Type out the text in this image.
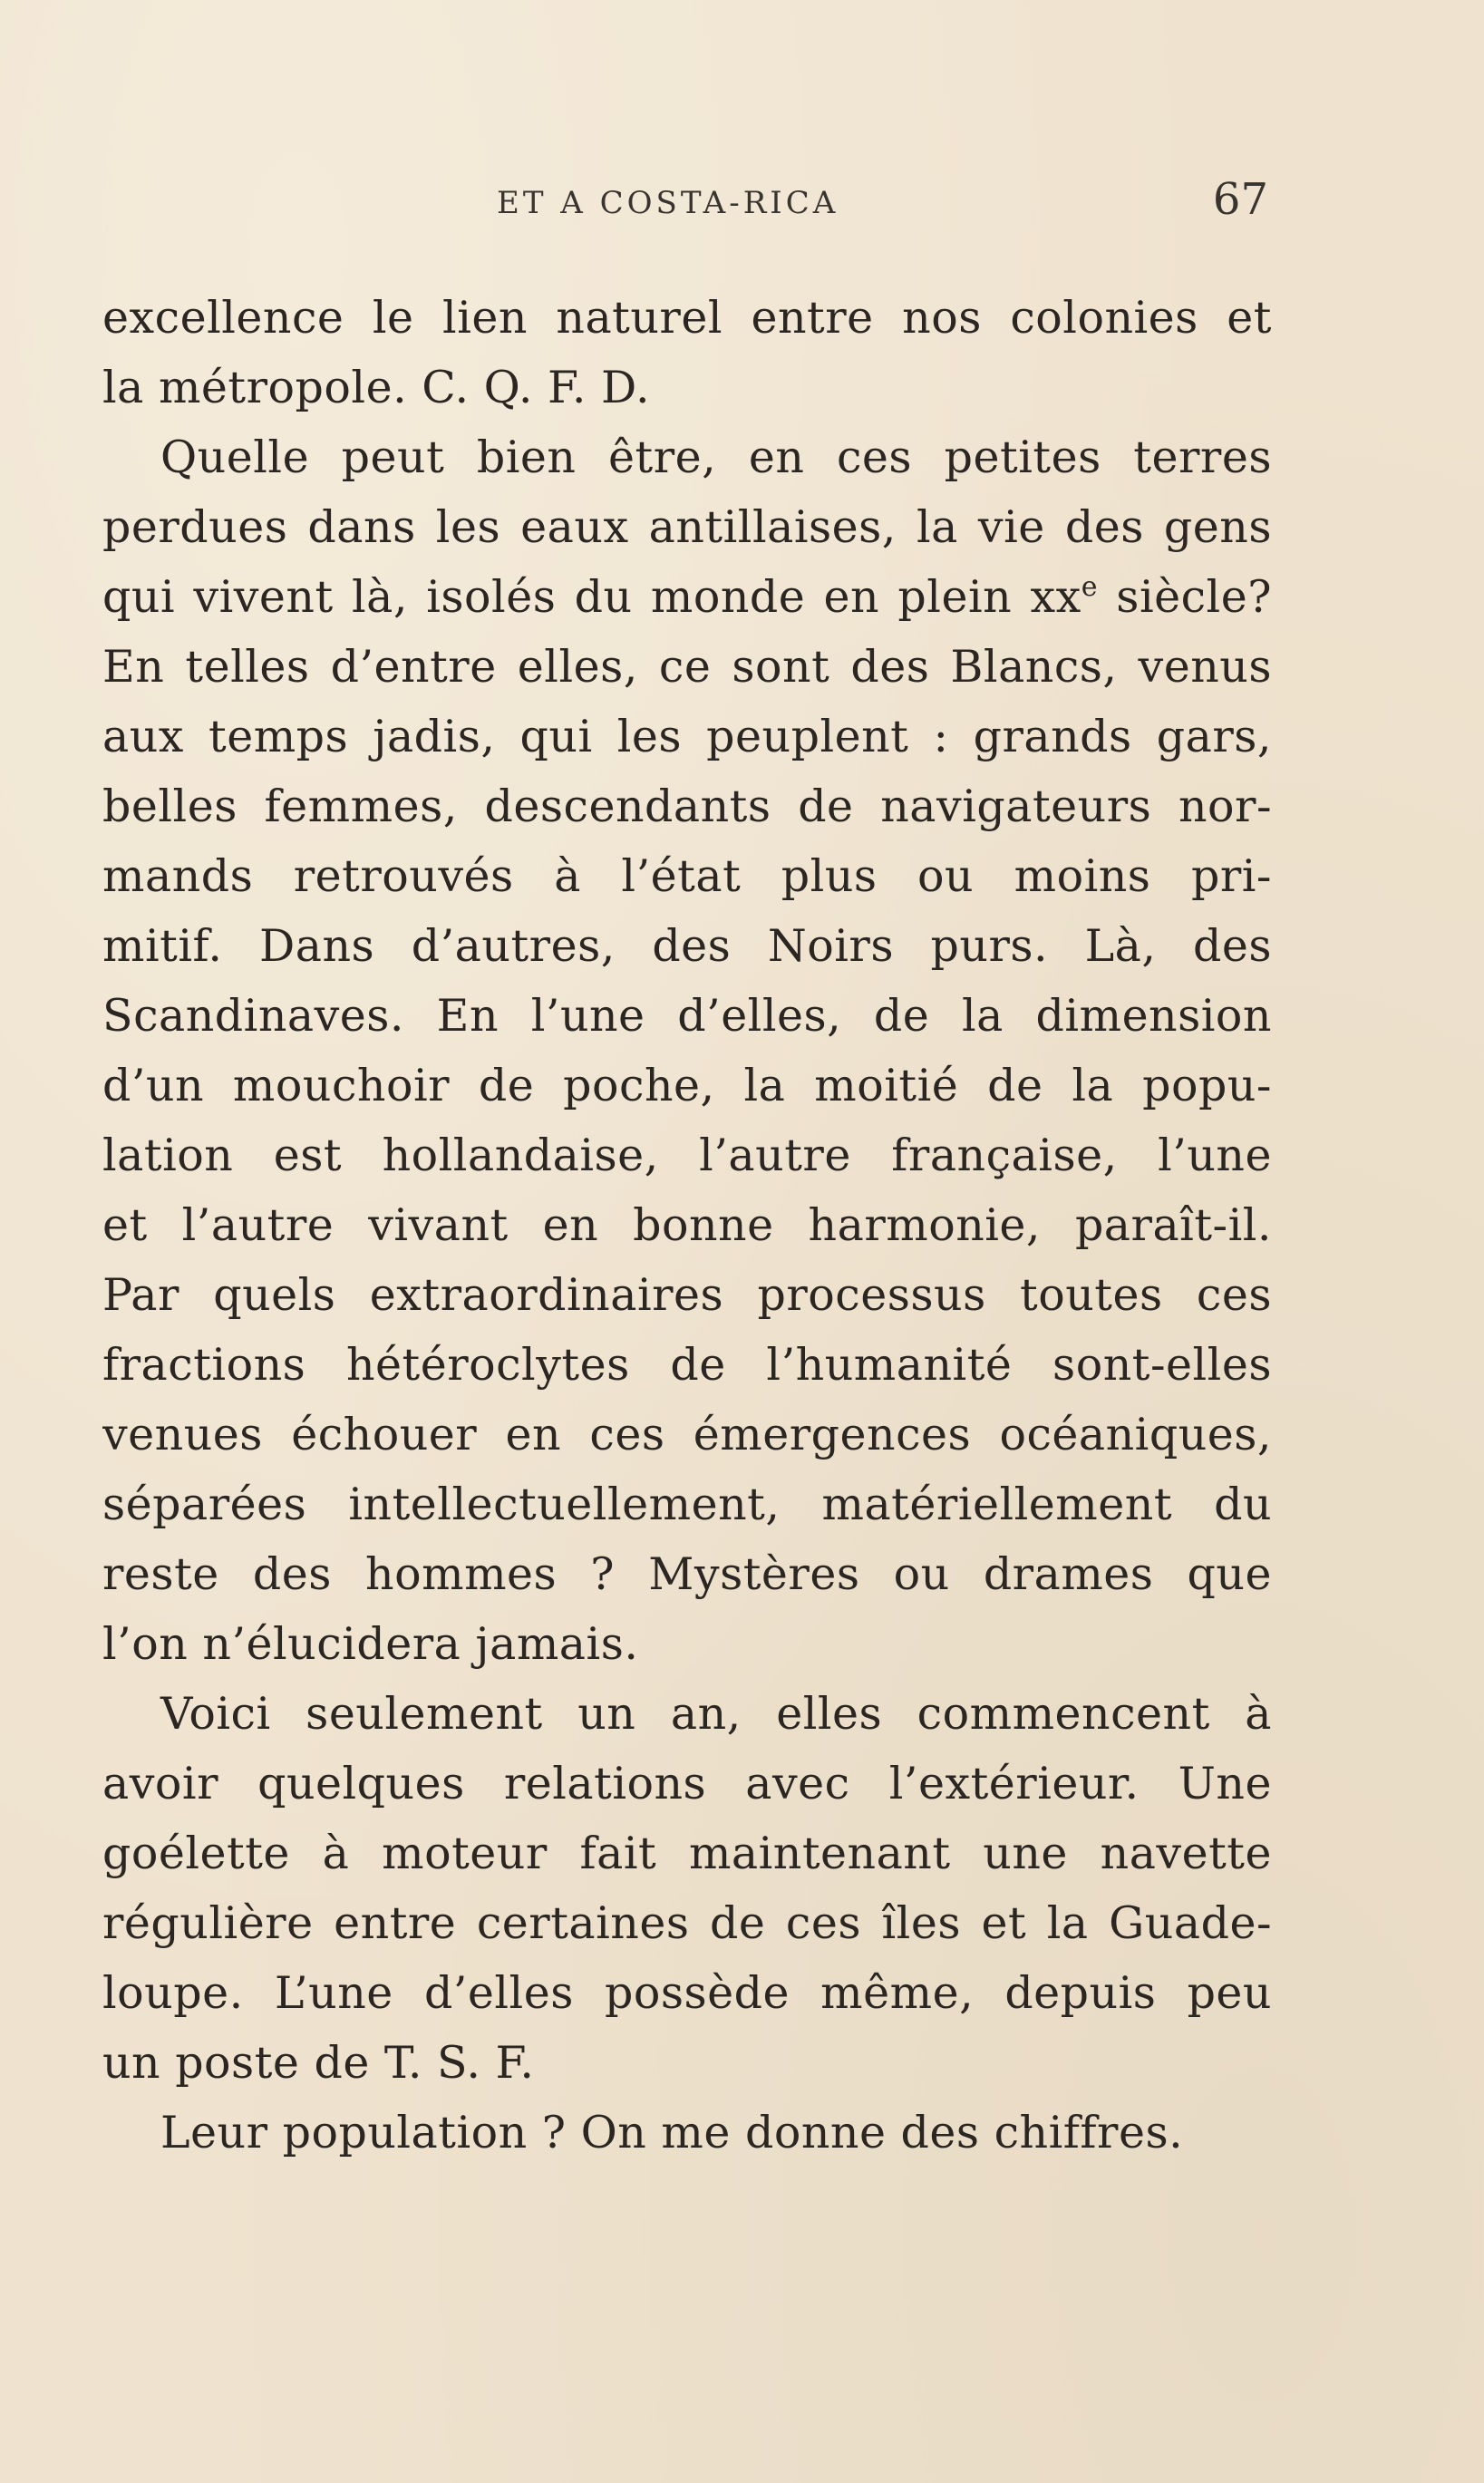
ET A COSTA-RICA	67
excellence le lien naturel entre nos colonies et
la métropole. C. Q. F. D.
Quelle peut bien être, en ces petites terres
perdues dans les eaux antillaises, la vie des gens
qui vivent là, isolés du monde en plein $xx^e$ siècle?
En telles d’entre elles, ce sont des Blancs, venus
aux temps jadis, qui les peuplent : grands gars,
belles femmes, descendants de navigateurs nor-
mands retrouvés à l’état plus ou moins pri-
mitif. Dans d’autres, des Noirs purs. Là, des
Scandinaves. En l’une d’elles, de la dimension
d’un mouchoir de poche, la moitié de la popu-
lation est hollandaise, l’autre française, l’une
et l’autre vivant en bonne harmonie, paraît-il.
Par quels extraordinaires processus toutes ces
fractions hétéroclytes de l’humanité sont-elles
venues échouer en ces émergences océaniques,
séparées intellectuellement, matériellement du
reste des hommes ? Mystères ou drames que
l’on n’élucidera jamais.
Voici seulement un an, elles commencent à
avoir quelques relations avec l’extérieur. Une
goélette à moteur fait maintenant une navette
régulière entre certaines de ces îles et la Guade-
loupe. L’une d’elles possède même, depuis peu
un poste de T. S. F.
Leur population ? On me donne des chiffres.
